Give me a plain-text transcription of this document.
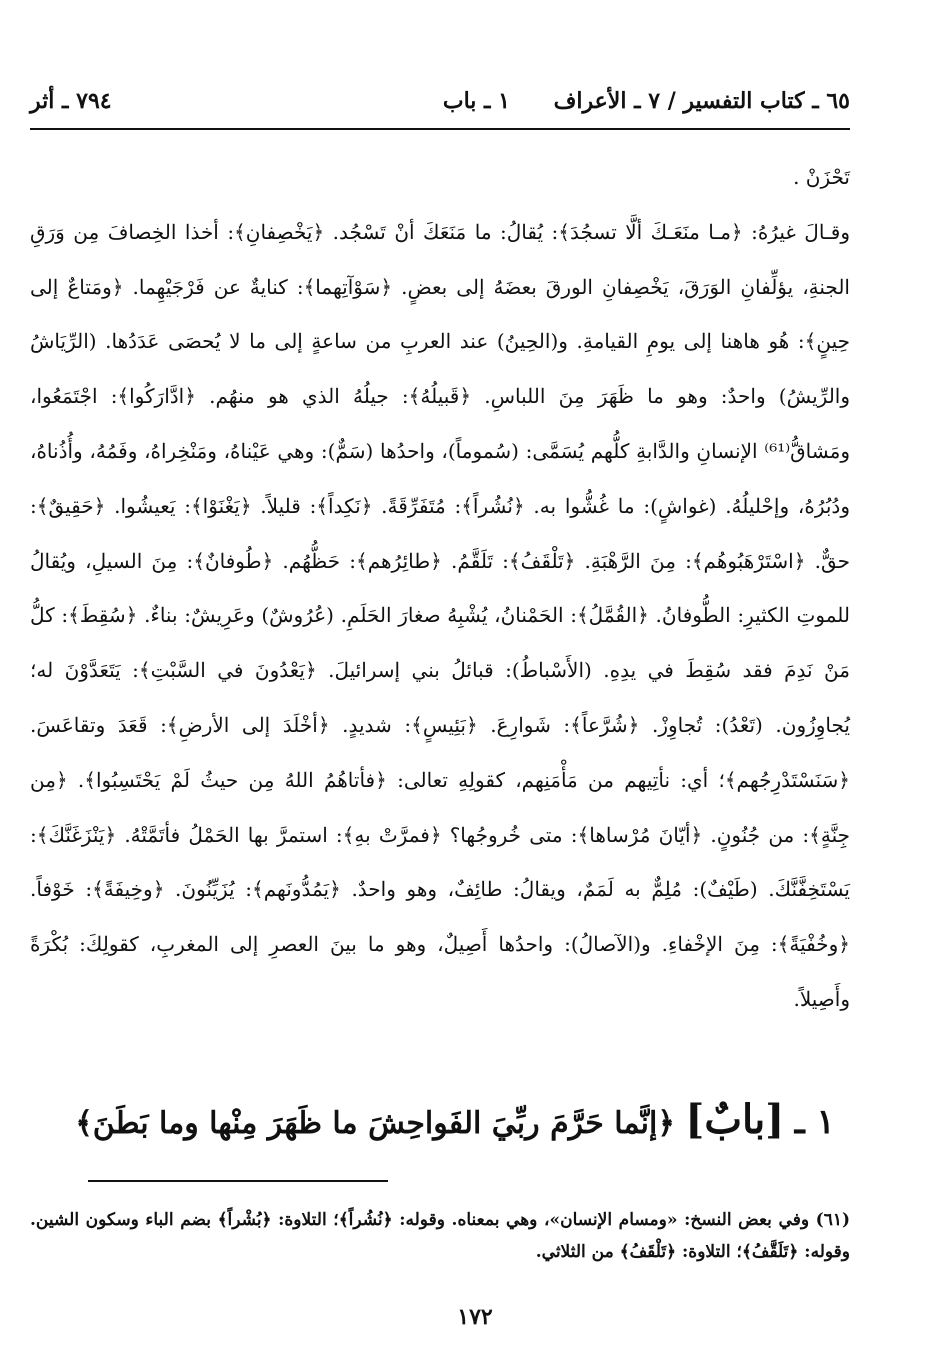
٦٥ ـ كتاب التفسير / ٧ ـ الأعراف
١ ـ باب
٧٩٤ ـ أثر

تَحْزَنْ .

وقـالَ غيرُهُ: ﴿مـا منَعَـكَ ألَّا تسجُدَ﴾: يُقالُ: ما مَنَعَكَ أنْ تَسْجُد. ﴿يَخْصِفانِ﴾: أخذا الخِصافَ مِن وَرَقِ الجنةِ، يؤلِّفانِ الوَرَقَ، يَخْصِفانِ الورقَ بعضَهُ إلى بعضٍ. ﴿سَوْآتِهما﴾: كنايةٌ عن فَرْجَيْهِما. ﴿ومَتاعٌ إلى حِينٍ﴾: هُو هاهنا إلى يومِ القيامةِ. و(الحِينُ) عند العربِ من ساعةٍ إلى ما لا يُحصَى عَدَدُها. (الرِّيَاشُ والرِّيشُ) واحدٌ: وهو ما ظَهَرَ مِنَ اللباسِ. ﴿قَبيلُهُ﴾: جيلُهُ الذي هو منهُم. ﴿ادَّارَكُوا﴾: اجْتَمَعُوا، ومَشاقُّ⁽⁶¹⁾ الإنسانِ والدَّابةِ كلُّهم يُسَمَّى: (سُموماً)، واحدُها (سَمٌّ): وهي عَيْناهُ، ومَنْخِراهُ، وفَمُهُ، وأُذُناهُ، ودُبُرُهُ، وإحْليلُهُ. (غواشٍ): ما غُشُّوا به. ﴿نُشُراً﴾: مُتَفَرِّقَةً. ﴿نَكِداً﴾: قليلاً. ﴿يَغْنَوْا﴾: يَعيشُوا. ﴿حَقِيقٌ﴾: حقٌّ. ﴿اسْتَرْهَبُوهُم﴾: مِنَ الرَّهْبَةِ. ﴿تَلْقَفُ﴾: تَلَقَّمُ. ﴿طائِرُهم﴾: حَظُّهُم. ﴿طُوفانٌ﴾: مِنَ السيلِ، ويُقالُ للموتِ الكثيرِ: الطُّوفانُ. ﴿القُمَّلُ﴾: الحَمْنانُ، يُشْبِهُ صغارَ الحَلَمِ. (عُرُوشٌ) وعَرِيشٌ: بناءٌ. ﴿سُقِطَ﴾: كلُّ مَنْ نَدِمَ فقد سُقِطَ في يدِهِ. (الأَسْباطُ): قبائلُ بني إسرائيلَ. ﴿يَعْدُونَ في السَّبْتِ﴾: يَتَعَدَّوْنَ له؛ يُجاوِزُون. (تَعْدُ): تُجاوِزْ. ﴿شُرَّعاً﴾: شَوارِعَ. ﴿بَئِيسٍ﴾: شديدٍ. ﴿أخْلَدَ إلى الأرضِ﴾: قَعَدَ وتقاعَسَ. ﴿سَنَسْتَدْرِجُهم﴾؛ أي: نأتِيهم من مَأْمَنِهم، كقولِهِ تعالى: ﴿فأتاهُمُ اللهُ مِن حيثُ لَمْ يَحْتَسِبُوا﴾. ﴿مِن جِنَّةٍ﴾: من جُنُونٍ. ﴿أيّانَ مُرْساها﴾: متى خُروجُها؟ ﴿فمرَّتْ بهِ﴾: استمرَّ بها الحَمْلُ فأتَمَّتْهُ. ﴿يَنْزَغَنَّكَ﴾: يَسْتَخِفَّنَّكَ. (طَيْفٌ): مُلِمٌّ به لَمَمٌ، ويقالُ: طائِفٌ، وهو واحدٌ. ﴿يَمُدُّونَهم﴾: يُزَيِّنُونَ. ﴿وخِيفَةً﴾: خَوْفاً. ﴿وخُفْيَةً﴾: مِنَ الإخْفاءِ. و(الآصالُ): واحدُها أَصِيلٌ، وهو ما بينَ العصرِ إلى المغربِ، كقولِكَ: بُكْرَةً وأَصِيلاً.

١ ـ [بابٌ] ﴿إنَّما حَرَّمَ ربِّيَ الفَواحِشَ ما ظَهَرَ مِنْها وما بَطَنَ﴾

(٦١) وفي بعض النسخ: «ومسام الإنسان»، وهي بمعناه. وقوله: ﴿نُشُراً﴾؛ التلاوة: ﴿بُشْراً﴾ بضم الباء وسكون الشين. وقوله: ﴿تَلَقَّفُ﴾؛ التلاوة: ﴿تَلْقَفُ﴾ من الثلاثي.

١٧٢
